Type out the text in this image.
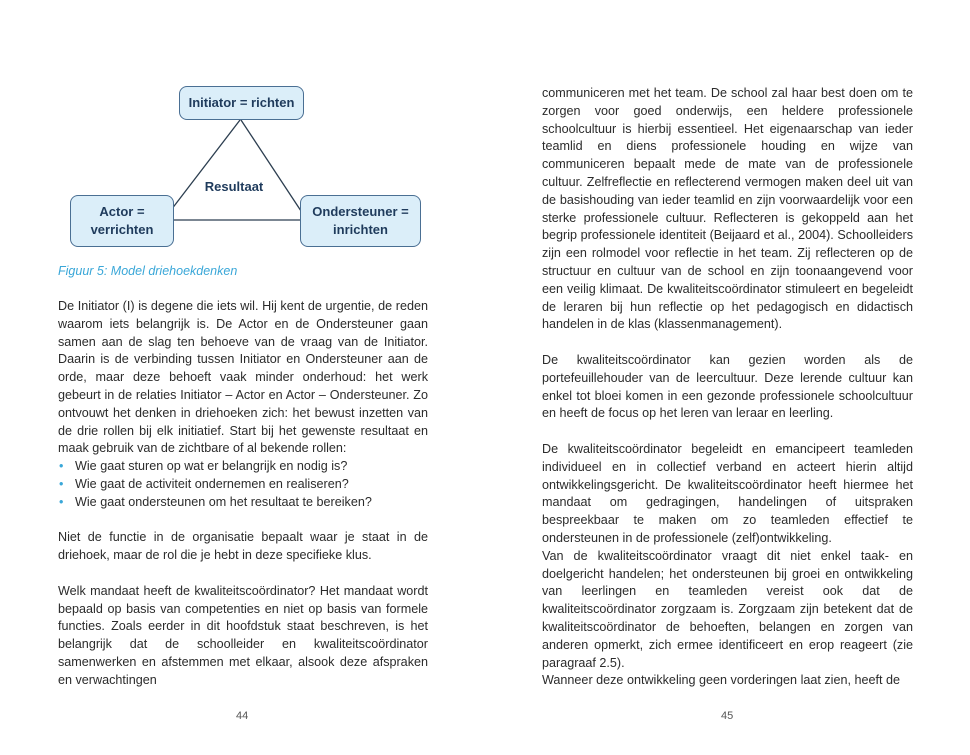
Initiator = richten
Actor =
verrichten
Ondersteuner =
inrichten
Resultaat
Figuur 5: Model driehoekdenken

De Initiator (I) is degene die iets wil. Hij kent de urgentie, de reden waarom iets belangrijk is. De Actor en de Ondersteuner gaan samen aan de slag ten behoeve van de vraag van de Initiator. Daarin is de verbinding tussen Initiator en Ondersteuner aan de orde, maar deze behoeft vaak minder onderhoud: het werk gebeurt in de relaties Initiator – Actor en Actor – Ondersteuner. Zo ontvouwt het denken in driehoeken zich: het bewust inzetten van de drie rollen bij elk initiatief. Start bij het gewenste resultaat en maak gebruik van de zichtbare of al bekende rollen:

• Wie gaat sturen op wat er belangrijk en nodig is?
• Wie gaat de activiteit ondernemen en realiseren?
• Wie gaat ondersteunen om het resultaat te bereiken?

Niet de functie in de organisatie bepaalt waar je staat in de driehoek, maar de rol die je hebt in deze specifieke klus.

Welk mandaat heeft de kwaliteitscoördinator? Het mandaat wordt bepaald op basis van competenties en niet op basis van formele functies. Zoals eerder in dit hoofdstuk staat beschreven, is het belangrijk dat de schoolleider en kwaliteitscoördinator samenwerken en afstemmen met elkaar, alsook deze afspraken en verwachtingen

44

communiceren met het team. De school zal haar best doen om te zorgen voor goed onderwijs, een heldere professionele schoolcultuur is hierbij essentieel. Het eigenaarschap van ieder teamlid en diens professionele houding en wijze van communiceren bepaalt mede de mate van de professionele cultuur. Zelfreflectie en reflecterend vermogen maken deel uit van de basishouding van ieder teamlid en zijn voorwaardelijk voor een sterke professionele cultuur. Reflecteren is gekoppeld aan het begrip professionele identiteit (Beijaard et al., 2004). Schoolleiders zijn een rolmodel voor reflectie in het team. Zij reflecteren op de structuur en cultuur van de school en zijn toonaangevend voor een veilig klimaat. De kwaliteitscoördinator stimuleert en begeleidt de leraren bij hun reflectie op het pedagogisch en didactisch handelen in de klas (klassenmanagement).

De kwaliteitscoördinator kan gezien worden als de portefeuillehouder van de leercultuur. Deze lerende cultuur kan enkel tot bloei komen in een gezonde professionele schoolcultuur en heeft de focus op het leren van leraar en leerling.

De kwaliteitscoördinator begeleidt en emancipeert teamleden individueel en in collectief verband en acteert hierin altijd ontwikkelingsgericht. De kwaliteitscoördinator heeft hiermee het mandaat om gedragingen, handelingen of uitspraken bespreekbaar te maken om zo teamleden effectief te ondersteunen in de professionele (zelf)ontwikkeling.

Van de kwaliteitscoördinator vraagt dit niet enkel taak- en doelgericht handelen; het ondersteunen bij groei en ontwikkeling van leerlingen en teamleden vereist ook dat de kwaliteitscoördinator zorgzaam is. Zorgzaam zijn betekent dat de kwaliteitscoördinator de behoeften, belangen en zorgen van anderen opmerkt, zich ermee identificeert en erop reageert (zie paragraaf 2.5).

Wanneer deze ontwikkeling geen vorderingen laat zien, heeft de

45
